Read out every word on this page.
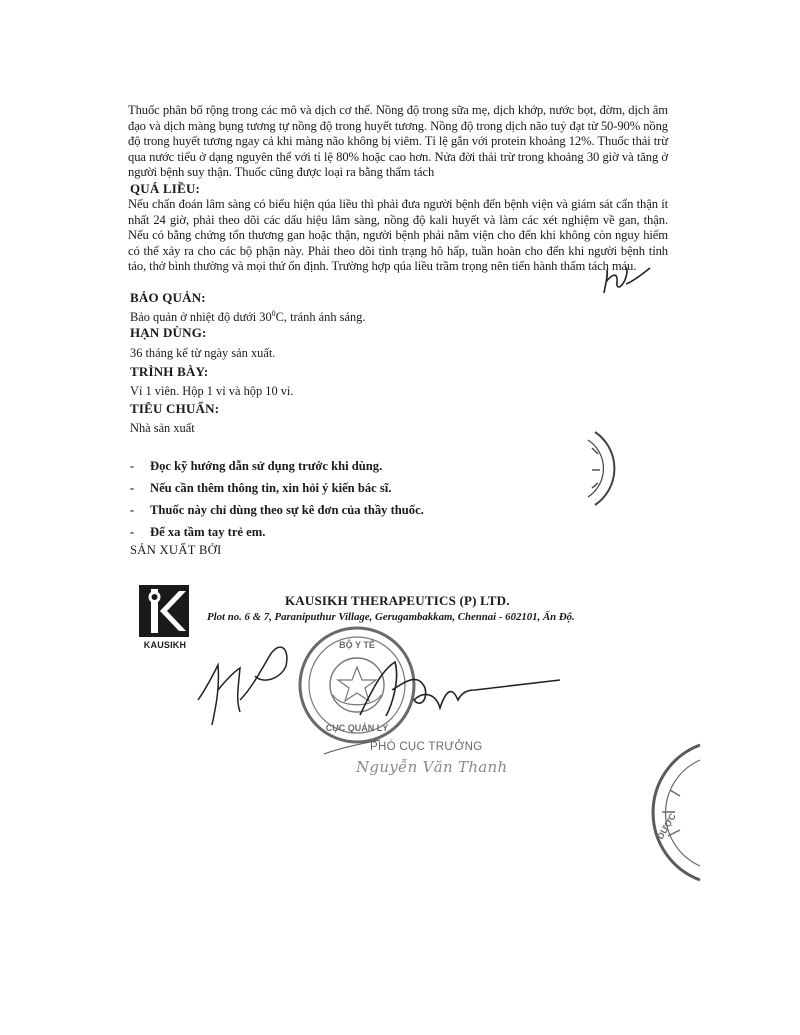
Thuốc phân bố rộng trong các mô và dịch cơ thể. Nồng độ trong sữa mẹ, dịch khớp, nước bọt, đờm, dịch âm đạo và dịch màng bụng tương tự nồng độ trong huyết tương. Nồng độ trong dịch não tuỷ đạt từ 50-90% nồng độ trong huyết tương ngay cả khi màng não không bị viêm. Tỉ lệ gắn với protein khoảng 12%. Thuốc thải trừ qua nước tiểu ở dạng nguyên thể với tỉ lệ 80% hoặc cao hơn. Nửa đời thải trừ trong khoảng 30 giờ và tăng ở người bệnh suy thận. Thuốc cũng được loại ra bằng thẩm tách
QUÁ LIỀU:
Nếu chẩn đoán lâm sàng có biểu hiện qúa liều thì phải đưa người bệnh đến bệnh viện và giám sát cẩn thận ít nhất 24 giờ, phải theo dõi các dấu hiệu lâm sàng, nồng độ kali huyết và làm các xét nghiệm về gan, thận. Nếu có bằng chứng tổn thương gan hoặc thận, người bệnh phải nằm viện cho đến khi không còn nguy hiểm có thể xảy ra cho các bộ phận này. Phải theo dõi tình trạng hô hấp, tuần hoàn cho đến khi người bệnh tỉnh táo, thở bình thường và mọi thứ ổn định. Trường hợp qúa liều trầm trọng nên tiến hành thẩm tách máu.
BẢO QUẢN:
Bảo quản ở nhiệt độ dưới $30^0C$, tránh ánh sáng.
HẠN DÙNG:
36 tháng kể từ ngày sản xuất.
TRÌNH BÀY:
Vỉ 1 viên. Hộp 1 vỉ và hộp 10 vỉ.
TIÊU CHUẨN:
Nhà sản xuất
- Đọc kỹ hướng dẫn sử dụng trước khi dùng.
- Nếu cần thêm thông tin, xin hỏi ý kiến bác sĩ.
- Thuốc này chỉ dùng theo sự kê đơn của thầy thuốc.
- Để xa tầm tay trẻ em.
SẢN XUẤT BỞI
KAUSIKH
KAUSIKH THERAPEUTICS (P) LTD.
Plot no. 6 & 7, Paraniputhur Village, Gerugambakkam, Chennai - 602101, Ấn Độ.
BỘ Y TẾ
CỤC QUẢN LÝ
DƯỢC
PHÓ CỤC TRƯỞNG
Nguyễn Văn Thanh
